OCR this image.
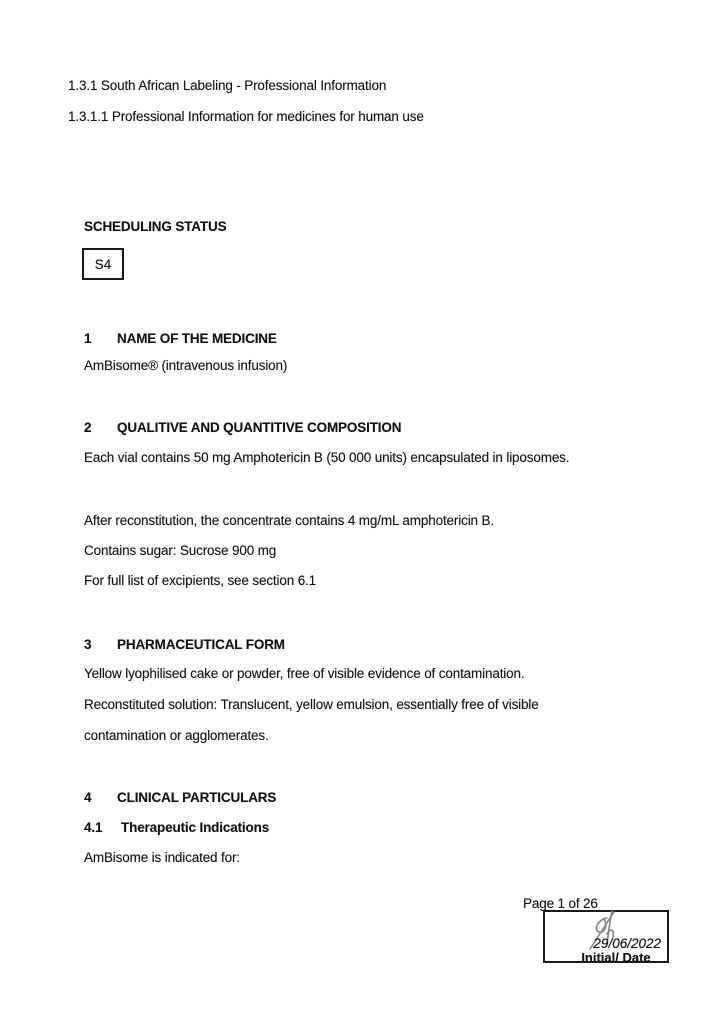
1.3.1 South African Labeling - Professional Information
1.3.1.1 Professional Information for medicines for human use
SCHEDULING STATUS
S4
1 NAME OF THE MEDICINE
AmBisome® (intravenous infusion)
2 QUALITIVE AND QUANTITIVE COMPOSITION
Each vial contains 50 mg Amphotericin B (50 000 units) encapsulated in liposomes.
After reconstitution, the concentrate contains 4 mg/mL amphotericin B.
Contains sugar: Sucrose 900 mg
For full list of excipients, see section 6.1
3 PHARMACEUTICAL FORM
Yellow lyophilised cake or powder, free of visible evidence of contamination.
Reconstituted solution: Translucent, yellow emulsion, essentially free of visible
contamination or agglomerates.
4 CLINICAL PARTICULARS
4.1 Therapeutic Indications
AmBisome is indicated for:
Page 1 of 26
29/06/2022
Initial/ Date
